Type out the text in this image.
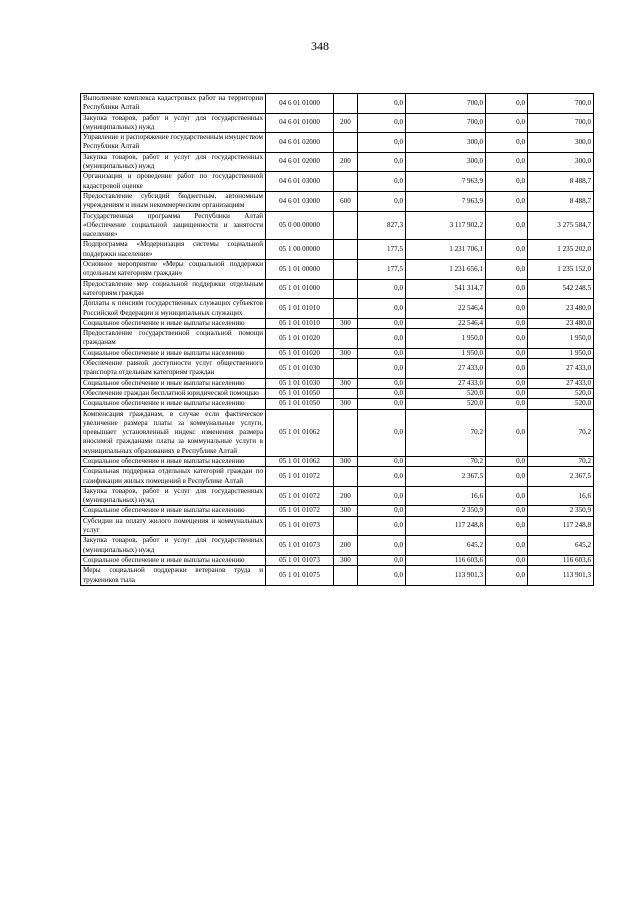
348
Выполнение комплекса кадастровых работ на территории Республики Алтай	04 6 01 01000		0,0	700,0	0,0	700,0
Закупка товаров, работ и услуг для государственных (муниципальных) нужд	04 6 01 01000	200	0,0	700,0	0,0	700,0
Управление и распоряжение государственным имуществом Республики Алтай	04 6 01 02000		0,0	300,0	0,0	300,0
Закупка товаров, работ и услуг для государственных (муниципальных) нужд	04 6 01 02000	200	0,0	300,0	0,0	300,0
Организация и проведение работ по государственной кадастровой оценке	04 6 01 03000		0,0	7 963,9	0,0	8 488,7
Предоставление субсидий бюджетным, автономным учреждениям и иным некоммерческим организациям	04 6 01 03000	600	0,0	7 963,9	0,0	8 488,7
Государственная программа Республики Алтай «Обеспечение социальной защищенности и занятости населения»	05 0 00 00000		827,3	3 117 902,2	0,0	3 275 584,7
Подпрограмма «Модернизация системы социальной поддержки населения»	05 1 00 00000		177,5	1 231 706,1	0,0	1 235 202,0
Основное мероприятие «Меры социальной поддержки отдельным категориям граждан»	05 1 01 00000		177,5	1 231 656,1	0,0	1 235 152,0
Предоставление мер социальной поддержки отдельным категориям граждан	05 1 01 01000		0,0	541 314,7	0,0	542 248,5
Доплаты к пенсиям государственных служащих субъектов Российской Федерации и муниципальных служащих	05 1 01 01010		0,0	22 546,4	0,0	23 480,0
Социальное обеспечение и иные выплаты населению	05 1 01 01010	300	0,0	22 546,4	0,0	23 480,0
Предоставление государственной социальной помощи гражданам	05 1 01 01020		0,0	1 950,0	0,0	1 950,0
Социальное обеспечение и иные выплаты населению	05 1 01 01020	300	0,0	1 950,0	0,0	1 950,0
Обеспечение равной доступности услуг общественного транспорта отдельным категориям граждан	05 1 01 01030		0,0	27 433,0	0,0	27 433,0
Социальное обеспечение и иные выплаты населению	05 1 01 01030	300	0,0	27 433,0	0,0	27 433,0
Обеспечение граждан бесплатной юридической помощью	05 1 01 01050		0,0	520,0	0,0	520,0
Социальное обеспечение и иные выплаты населению	05 1 01 01050	300	0,0	520,0	0,0	520,0
Компенсация гражданам, в случае если фактическое увеличение размера платы за коммунальные услуги, превышает установленный индекс изменения размера вносимой гражданами платы за коммунальные услуги в муниципальных образованиях в Республике Алтай	05 1 01 01062		0,0	70,2	0,0	70,2
Социальное обеспечение и иные выплаты населению	05 1 01 01062	300	0,0	70,2	0,0	70,2
Социальная поддержка отдельных категорий граждан по газификации жилых помещений в Республике Алтай	05 1 01 01072		0,0	2 367,5	0,0	2 367,5
Закупка товаров, работ и услуг для государственных (муниципальных) нужд	05 1 01 01072	200	0,0	16,6	0,0	16,6
Социальное обеспечение и иные выплаты населению	05 1 01 01072	300	0,0	2 350,9	0,0	2 350,9
Субсидии на оплату жилого помещения и коммунальных услуг	05 1 01 01073		0,0	117 248,8	0,0	117 248,8
Закупка товаров, работ и услуг для государственных (муниципальных) нужд	05 1 01 01073	200	0,0	645,2	0,0	645,2
Социальное обеспечение и иные выплаты населению	05 1 01 01073	300	0,0	116 603,6	0,0	116 603,6
Меры социальной поддержки ветеранов труда и тружеников тыла	05 1 01 01075		0,0	113 901,3	0,0	113 901,3
